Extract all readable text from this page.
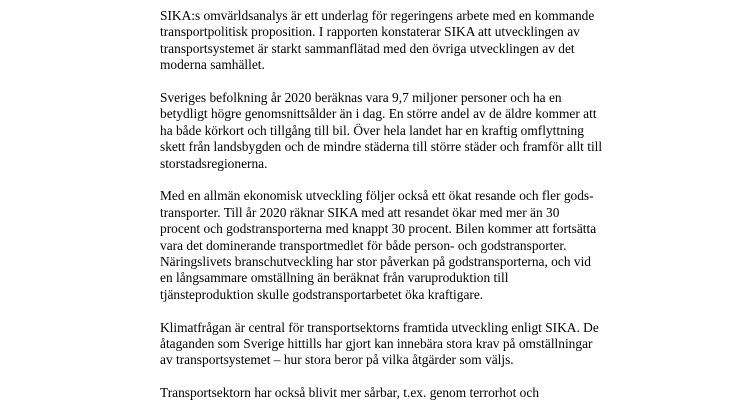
SIKA:s omvärldsanalys är ett underlag för regeringens arbete med en kommande
transportpolitisk proposition. I rapporten konstaterar SIKA att utvecklingen av
transportsystemet är starkt sammanflätad med den övriga utvecklingen av det
moderna samhället.

Sveriges befolkning år 2020 beräknas vara 9,7 miljoner personer och ha en
betydligt högre genomsnittsålder än i dag. En större andel av de äldre kommer att
ha både körkort och tillgång till bil. Över hela landet har en kraftig omflyttning
skett från landsbygden och de mindre städerna till större städer och framför allt till
storstadsregionerna.

Med en allmän ekonomisk utveckling följer också ett ökat resande och fler gods-
transporter. Till år 2020 räknar SIKA med att resandet ökar med mer än 30
procent och godstransporterna med knappt 30 procent. Bilen kommer att fortsätta
vara det dominerande transportmedlet för både person- och godstransporter.
Näringslivets branschutveckling har stor påverkan på godstransporterna, och vid
en långsammare omställning än beräknat från varuproduktion till
tjänsteproduktion skulle godstransportarbetet öka kraftigare.

Klimatfrågan är central för transportsektorns framtida utveckling enligt SIKA. De
åtaganden som Sverige hittills har gjort kan innebära stora krav på omställningar
av transportsystemet – hur stora beror på vilka åtgärder som väljs.

Transportsektorn har också blivit mer sårbar, t.ex. genom terrorhot och
